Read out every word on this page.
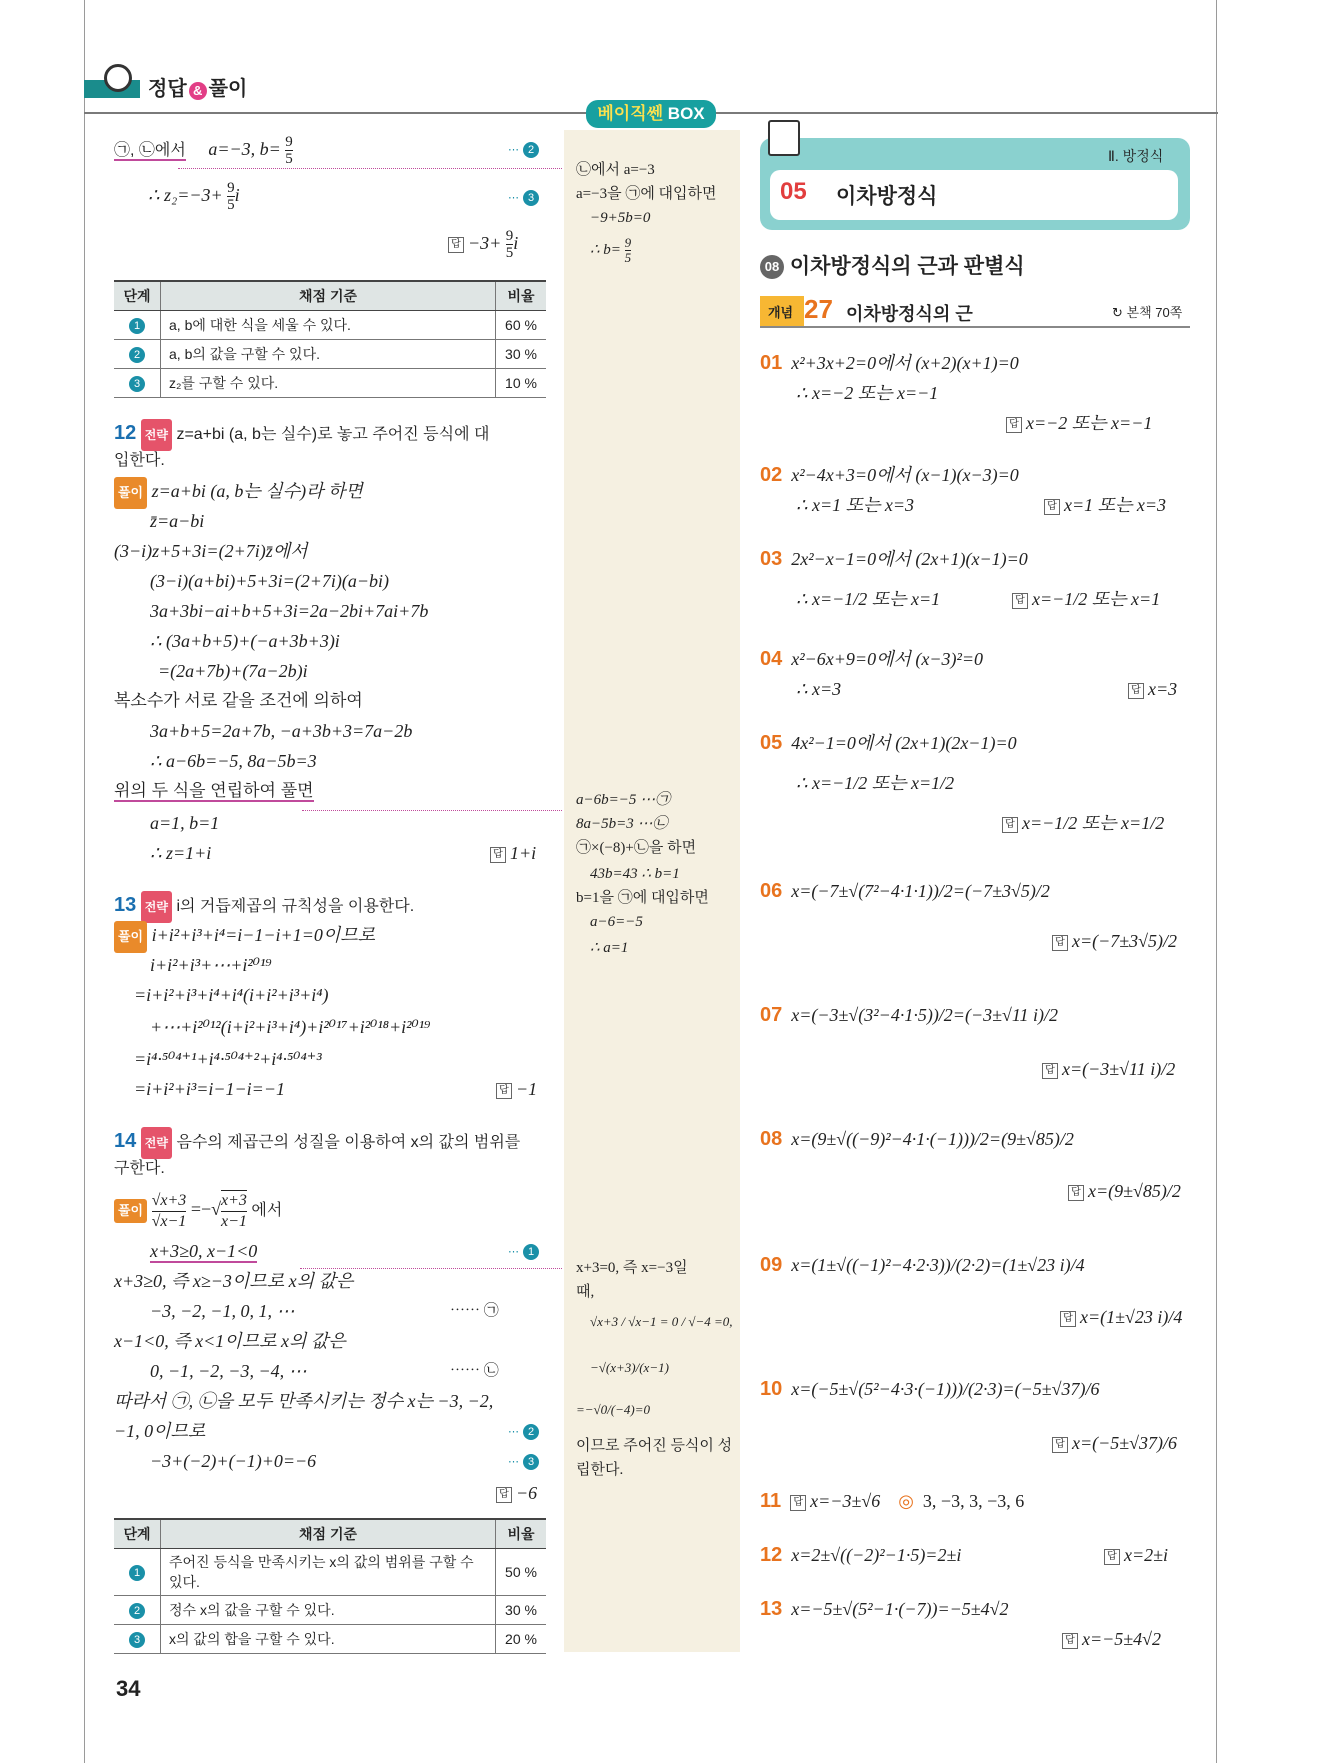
정답 & 풀이
베이직쎈 BOX
㉠, ㉡에서 a=−3, $b= \frac{9}{5}$	⋯ 2
∴ $z_2=-3+ \frac{9}{5}$ i	⋯ 3
답 $-3+ \frac{9}{5}$ i
단계	채점 기준	비율
1	a, b에 대한 식을 세울 수 있다.	60 %
2	a, b의 값을 구할 수 있다.	30 %
3	z₂를 구할 수 있다.	10 %
12 전략 z=a+bi (a, b는 실수)로 놓고 주어진 등식에 대
입한다.
풀이 z=a+bi (a, b는 실수)라 하면
z̄=a−bi
(3−i)z+5+3i=(2+7i)z̄에서
(3−i)(a+bi)+5+3i=(2+7i)(a−bi)
3a+3bi−ai+b+5+3i=2a−2bi+7ai+7b
∴ (3a+b+5)+(−a+3b+3)i
=(2a+7b)+(7a−2b)i
복소수가 서로 같을 조건에 의하여
3a+b+5=2a+7b, −a+3b+3=7a−2b
∴ a−6b=−5, 8a−5b=3
위의 두 식을 연립하여 풀면
a=1, b=1
∴ z=1+i	답 1+i
13 전략 i의 거듭제곱의 규칙성을 이용한다.
풀이 i+i²+i³+i⁴=i−1−i+1=0이므로
i+i²+i³+⋯+i²⁰¹⁹
=i+i²+i³+i⁴+i⁴(i+i²+i³+i⁴)
+⋯+i²⁰¹²(i+i²+i³+i⁴)+i²⁰¹⁷+i²⁰¹⁸+i²⁰¹⁹
=i⁴·⁵⁰⁴⁺¹+i⁴·⁵⁰⁴⁺²+i⁴·⁵⁰⁴⁺³
=i+i²+i³=i−1−i=−1	답 −1
14 전략 음수의 제곱근의 성질을 이용하여 x의 값의 범위를
구한다.
풀이 $\frac{√x+3}{√x-1}$ =−√ $\frac{x+3}{x-1}$ 에서
x+3≥0, x−1<0	⋯ 1
x+3≥0, 즉 x≥−3이므로 x의 값은
−3, −2, −1, 0, 1, ⋯	⋯⋯ ㉠
x−1<0, 즉 x<1이므로 x의 값은
0, −1, −2, −3, −4, ⋯	⋯⋯ ㉡
따라서 ㉠, ㉡을 모두 만족시키는 정수 x는 −3, −2,
−1, 0이므로	⋯ 2
−3+(−2)+(−1)+0=−6	⋯ 3
답 −6
단계	채점 기준	비율
1	주어진 등식을 만족시키는 x의 값의 범위를 구할 수 있다.	50 %
2	정수 x의 값을 구할 수 있다.	30 %
3	x의 값의 합을 구할 수 있다.	20 %
34
㉡에서 a=−3
a=−3을 ㉠에 대입하면
−9+5b=0
∴ $b= \frac{9}{5}$
a−6b=−5 ⋯㉠
8a−5b=3 ⋯㉡
㉠×(−8)+㉡을 하면
43b=43 ∴ b=1
b=1을 ㉠에 대입하면
a−6=−5
∴ a=1
x+3=0, 즉 x=−3일
때,
√x+3 / √x−1 = 0 / √−4 =0,
−√(x+3)/(x−1)
=−√0/(−4)=0
이므로 주어진 등식이 성
립한다.
Ⅱ. 방정식
05 이차방정식
08 이차방정식의 근과 판별식
개념 27 이차방정식의 근	↻ 본책 70쪽
01 x²+3x+2=0에서 (x+2)(x+1)=0
∴ x=−2 또는 x=−1
답 x=−2 또는 x=−1
02 x²−4x+3=0에서 (x−1)(x−3)=0
∴ x=1 또는 x=3	답 x=1 또는 x=3
03 2x²−x−1=0에서 (2x+1)(x−1)=0
∴ x=−1/2 또는 x=1	답 x=−1/2 또는 x=1
04 x²−6x+9=0에서 (x−3)²=0
∴ x=3	답 x=3
05 4x²−1=0에서 (2x+1)(2x−1)=0
∴ x=−1/2 또는 x=1/2
답 x=−1/2 또는 x=1/2
06 x=(−7±√(7²−4·1·1))/2=(−7±3√5)/2
답 x=(−7±3√5)/2
07 x=(−3±√(3²−4·1·5))/2=(−3±√11 i)/2
답 x=(−3±√11 i)/2
08 x=(9±√((−9)²−4·1·(−1)))/2=(9±√85)/2
답 x=(9±√85)/2
09 x=(1±√((−1)²−4·2·3))/(2·2)=(1±√23 i)/4
답 x=(1±√23 i)/4
10 x=(−5±√(5²−4·3·(−1)))/(2·3)=(−5±√37)/6
답 x=(−5±√37)/6
11 답 x=−3±√6 ◎ 3, −3, 3, −3, 6
12 x=2±√((−2)²−1·5)=2±i	답 x=2±i
13 x=−5±√(5²−1·(−7))=−5±4√2
답 x=−5±4√2
